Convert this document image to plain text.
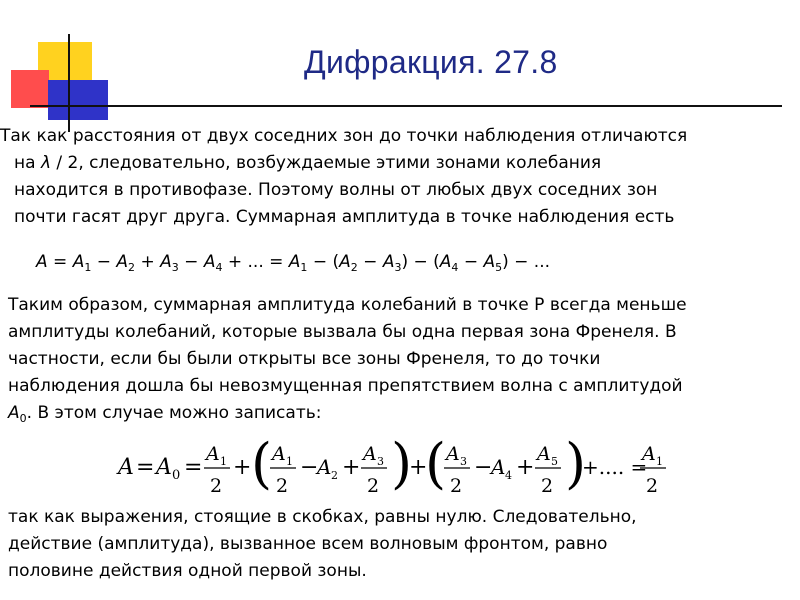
Дифракция. 27.8
Так как расстояния от двух соседних зон до точки наблюдения отличаются
на λ / 2, следовательно, возбуждаемые этими зонами колебания
находится в противофазе. Поэтому волны от любых двух соседних зон
почти гасят друг друга. Суммарная амплитуда в точке наблюдения есть
$A = A_1 - A_2 + A_3 - A_4$ + ... = $A_1 - (A_2 - A_3) - (A_4 - A_5)$ − ...
Таким образом, суммарная амплитуда колебаний в точке Р всегда меньше
амплитуды колебаний, которые вызвала бы одна первая зона Френеля. В
частности, если бы были открыты все зоны Френеля, то до точки
наблюдения дошла бы невозмущенная препятствием волна с амплитудой
$A_0$. В этом случае можно записать:
A = A 0 =
A 1
2
+ ( A 1
2
−
A 2 +
A 3
2 )
+
( A 3
2
−
A 4 +
A 5
2 )
+.... =
A 1
2
так как выражения, стоящие в скобках, равны нулю. Следовательно,
действие (амплитуда), вызванное всем волновым фронтом, равно
половине действия одной первой зоны.
